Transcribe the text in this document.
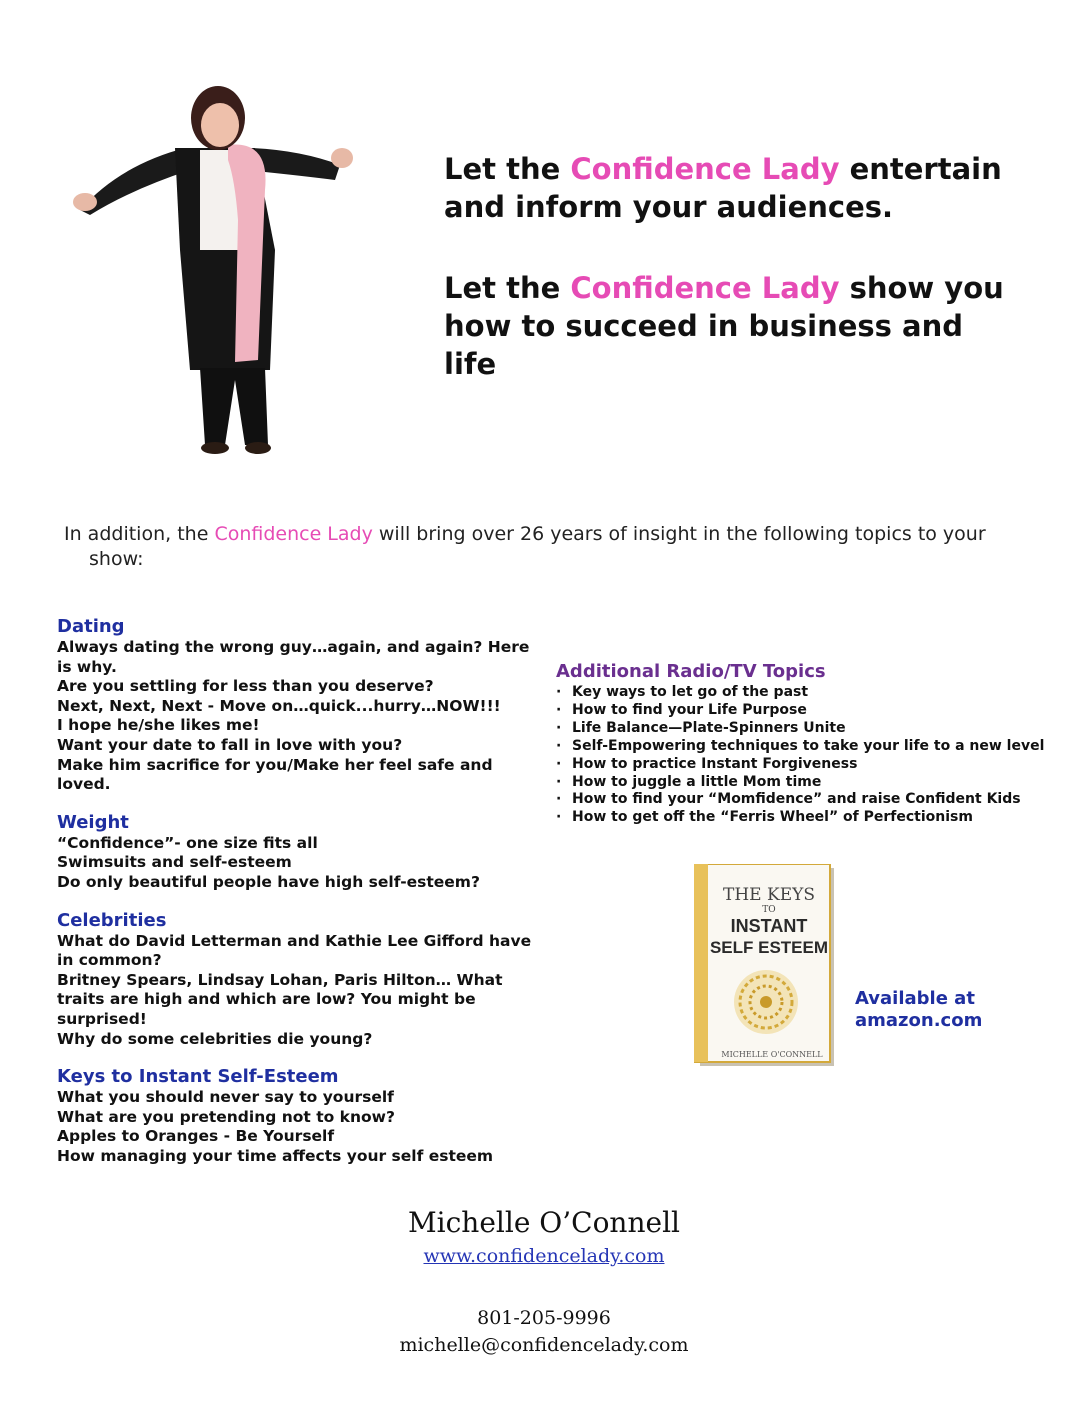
Let the Confidence Lady entertain and inform your audiences.

Let the Confidence Lady show you how to succeed in business and life

In addition, the Confidence Lady will bring over 26 years of insight in the following topics to your
show:

Dating

Always dating the wrong guy…again, and again? Here is why.

Are you settling for less than you deserve?

Next, Next, Next - Move on…quick...hurry…NOW!!!

I hope he/she likes me!

Want your date to fall in love with you?

Make him sacrifice for you/Make her feel safe and loved.

Weight

“Confidence”- one size fits all

Swimsuits and self-esteem

Do only beautiful people have high self-esteem?

Celebrities

What do David Letterman and Kathie Lee Gifford have in common?

Britney Spears, Lindsay Lohan, Paris Hilton… What traits are high and which are low? You might be surprised!

Why do some celebrities die young?

Keys to Instant Self-Esteem

What you should never say to yourself

What are you pretending not to know?

Apples to Oranges - Be Yourself

How managing your time affects your self esteem

Additional Radio/TV Topics

· Key ways to let go of the past
· How to find your Life Purpose
· Life Balance—Plate-Spinners Unite
· Self-Empowering techniques to take your life to a new level
· How to practice Instant Forgiveness
· How to juggle a little Mom time
· How to find your “Momfidence” and raise Confident Kids
· How to get off the “Ferris Wheel” of Perfectionism
THE KEYS
TO
INSTANT
SELF ESTEEM
MICHELLE O'CONNELL
Available at
amazon.com
Michelle O’Connell
www.confidencelady.com
801-205-9996
michelle@confidencelady.com
